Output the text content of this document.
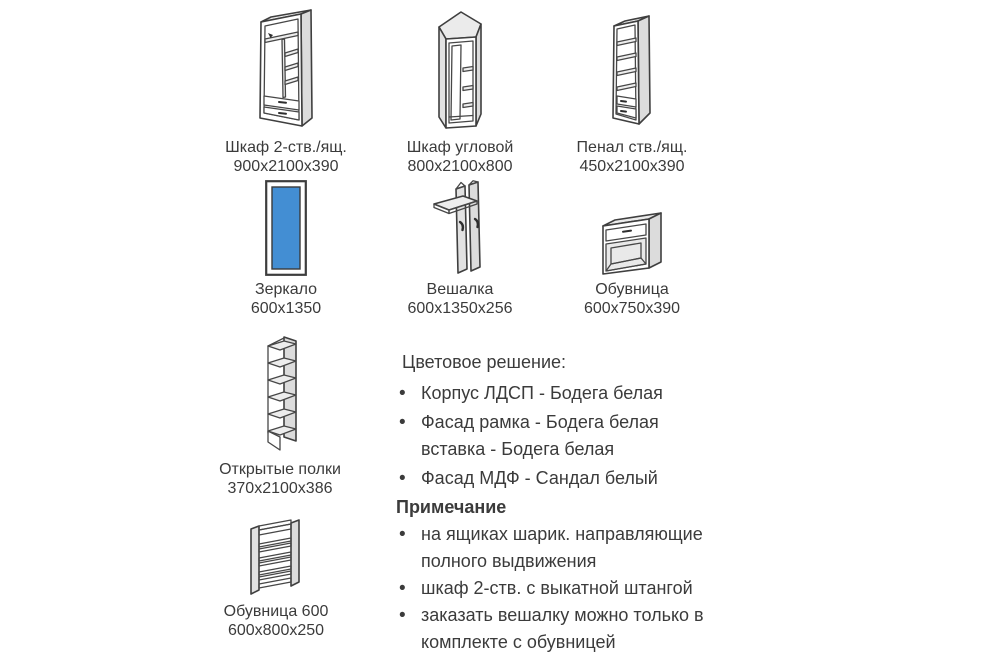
Шкаф 2-ств./ящ.
900х2100х390
Шкаф угловой
800х2100х800
Пенал ств./ящ.
450х2100х390
Зеркало
600х1350
Вешалка
600х1350х256
Обувница
600х750х390
Открытые полки
370х2100х386
Обувница 600
600х800х250
Цветовое решение:
• Корпус ЛДСП - Бодега белая
• Фасад рамка - Бодега белая
вставка - Бодега белая
• Фасад МДФ - Сандал белый
Примечание
• на ящиках шарик. направляющие
полного выдвижения
• шкаф 2-ств. с выкатной штангой
• заказать вешалку можно только в
комплекте с обувницей
